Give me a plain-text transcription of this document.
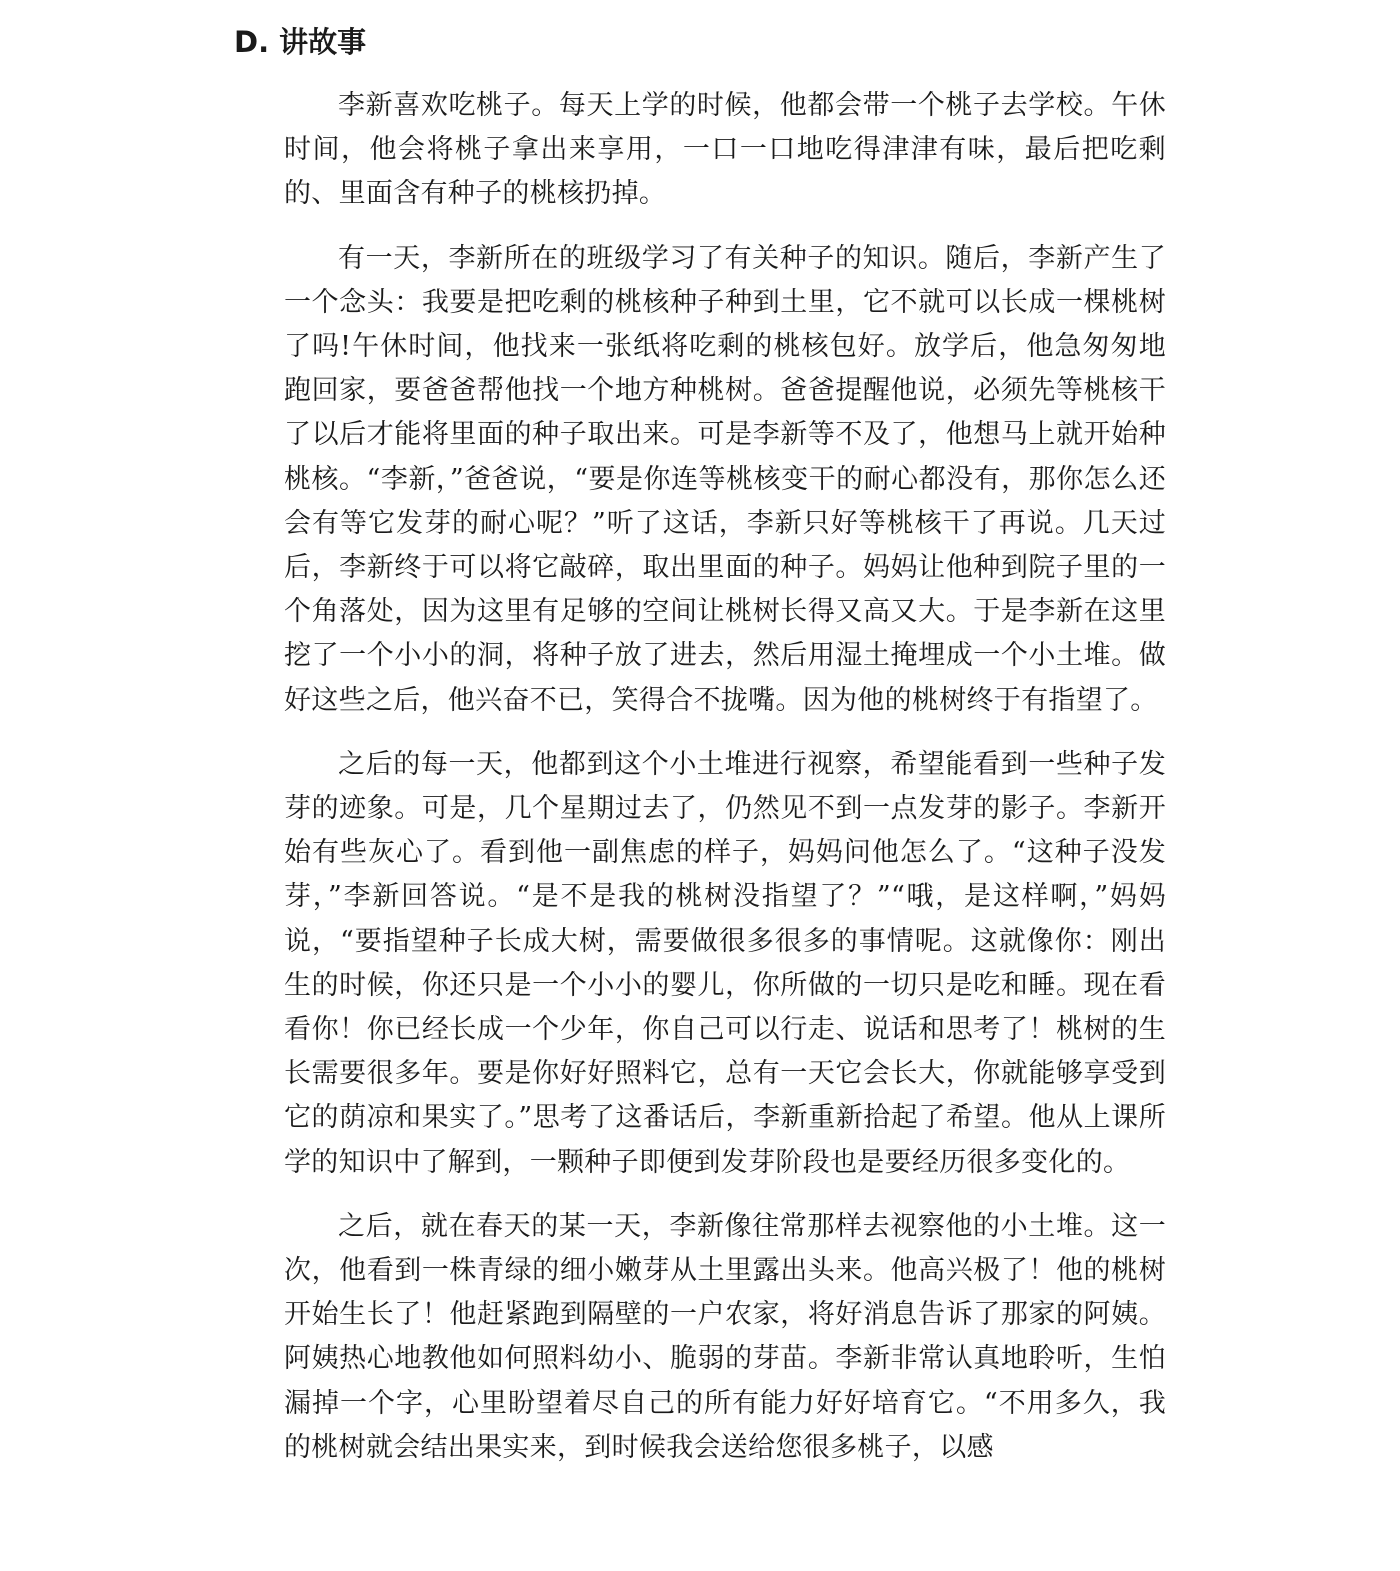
D. 讲故事

李新喜欢吃桃子。每天上学的时候，他都会带一个桃子去学校。午休时间，他会将桃子拿出来享用，一口一口地吃得津津有味，最后把吃剩的、里面含有种子的桃核扔掉。

有一天，李新所在的班级学习了有关种子的知识。随后，李新产生了一个念头：我要是把吃剩的桃核种子种到土里，它不就可以长成一棵桃树了吗!午休时间，他找来一张纸将吃剩的桃核包好。放学后，他急匆匆地跑回家，要爸爸帮他找一个地方种桃树。爸爸提醒他说，必须先等桃核干了以后才能将里面的种子取出来。可是李新等不及了，他想马上就开始种桃核。“李新，”爸爸说，“要是你连等桃核变干的耐心都没有，那你怎么还会有等它发芽的耐心呢？”听了这话，李新只好等桃核干了再说。几天过后，李新终于可以将它敲碎，取出里面的种子。妈妈让他种到院子里的一个角落处，因为这里有足够的空间让桃树长得又高又大。于是李新在这里挖了一个小小的洞，将种子放了进去，然后用湿土掩埋成一个小土堆。做好这些之后，他兴奋不已，笑得合不拢嘴。因为他的桃树终于有指望了。

之后的每一天，他都到这个小土堆进行视察，希望能看到一些种子发芽的迹象。可是，几个星期过去了，仍然见不到一点发芽的影子。李新开始有些灰心了。看到他一副焦虑的样子，妈妈问他怎么了。“这种子没发芽，”李新回答说。“是不是我的桃树没指望了？”“哦，是这样啊，”妈妈说，“要指望种子长成大树，需要做很多很多的事情呢。这就像你：刚出生的时候，你还只是一个小小的婴儿，你所做的一切只是吃和睡。现在看看你！你已经长成一个少年，你自己可以行走、说话和思考了！桃树的生长需要很多年。要是你好好照料它，总有一天它会长大，你就能够享受到它的荫凉和果实了。”思考了这番话后，李新重新拾起了希望。他从上课所学的知识中了解到，一颗种子即便到发芽阶段也是要经历很多变化的。

之后，就在春天的某一天，李新像往常那样去视察他的小土堆。这一次，他看到一株青绿的细小嫩芽从土里露出头来。他高兴极了！他的桃树开始生长了！他赶紧跑到隔壁的一户农家，将好消息告诉了那家的阿姨。阿姨热心地教他如何照料幼小、脆弱的芽苗。李新非常认真地聆听，生怕漏掉一个字，心里盼望着尽自己的所有能力好好培育它。“不用多久，我的桃树就会结出果实来，到时候我会送给您很多桃子，以感
